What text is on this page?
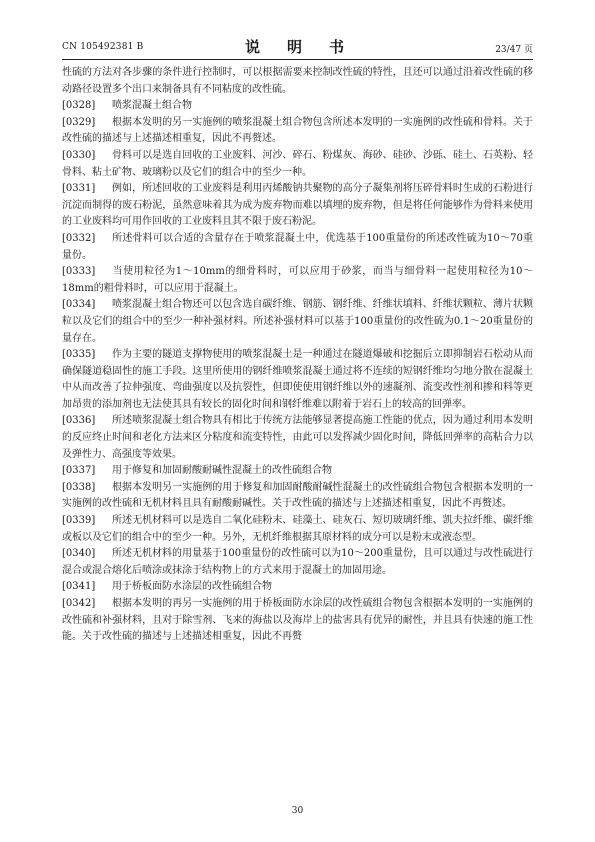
CN 105492381 B	说　明　书	23/47 页

性硫的方法对各步骤的条件进行控制时，可以根据需要来控制改性硫的特性，且还可以通过沿着改性硫的移动路径设置多个出口来制备具有不同粘度的改性硫。

[0328] 喷浆混凝土组合物

[0329] 根据本发明的另一实施例的喷浆混凝土组合物包含所述本发明的一实施例的改性硫和骨料。关于改性硫的描述与上述描述相重复，因此不再赘述。

[0330] 骨料可以是选自回收的工业废料、河沙、碎石、粉煤灰、海砂、硅砂、沙砾、硅土、石英粉、轻骨料、粘土矿物、玻璃粉以及它们的组合中的至少一种。

[0331] 例如，所述回收的工业废料是利用丙烯酸钠共聚物的高分子凝集剂将压碎骨料时生成的石粉进行沉淀而制得的废石粉泥，虽然意味着其为成为废弃物而难以填埋的废弃物，但是将任何能够作为骨料来使用的工业废料均可用作回收的工业废料且其不限于废石粉泥。

[0332] 所述骨料可以合适的含量存在于喷浆混凝土中，优选基于100重量份的所述改性硫为10～70重量份。

[0333] 当使用粒径为1～10mm的细骨料时，可以应用于砂浆，而当与细骨料一起使用粒径为10～18mm的粗骨料时，可以应用于混凝土。

[0334] 喷浆混凝土组合物还可以包含选自碳纤维、钢筋、钢纤维、纤维状填料、纤维状颗粒、薄片状颗粒以及它们的组合中的至少一种补强材料。所述补强材料可以基于100重量份的改性硫为0.1～20重量份的量存在。

[0335] 作为主要的隧道支撑物使用的喷浆混凝土是一种通过在隧道爆破和挖掘后立即抑制岩石松动从而确保隧道稳固性的施工手段。这里所使用的钢纤维喷浆混凝土通过将不连续的短钢纤维均匀地分散在混凝土中从而改善了拉伸强度、弯曲强度以及抗裂性，但即使使用钢纤维以外的速凝剂、流变改性剂和掺和料等更加昂贵的添加剂也无法使其具有较长的固化时间和钢纤维难以附着于岩石上的较高的回弹率。

[0336] 所述喷浆混凝土组合物具有相比于传统方法能够显著提高施工性能的优点，因为通过利用本发明的反应终止时间和老化方法来区分粘度和流变特性，由此可以发挥减少固化时间，降低回弹率的高粘合力以及弹性力、高强度等效果。

[0337] 用于修复和加固耐酸耐碱性混凝土的改性硫组合物

[0338] 根据本发明另一实施例的用于修复和加固耐酸耐碱性混凝土的改性硫组合物包含根据本发明的一实施例的改性硫和无机材料且具有耐酸耐碱性。关于改性硫的描述与上述描述相重复，因此不再赘述。

[0339] 所述无机材料可以是选自二氧化硅粉末、硅藻土、硅灰石、短切玻璃纤维、凯夫拉纤维、碳纤维或板以及它们的组合中的至少一种。另外，无机纤维根据其原材料的成分可以是粉末或液态型。

[0340] 所述无机材料的用量基于100重量份的改性硫可以为10～200重量份，且可以通过与改性硫进行混合或混合熔化后喷涂或抹涂于结构物上的方式来用于混凝土的加固用途。

[0341] 用于桥板面防水涂层的改性硫组合物

[0342] 根据本发明的再另一实施例的用于桥板面防水涂层的改性硫组合物包含根据本发明的一实施例的改性硫和补强材料，且对于除雪剂、飞来的海盐以及海岸上的盐害具有优异的耐性，并且具有快速的施工性能。关于改性硫的描述与上述描述相重复，因此不再赘

30
